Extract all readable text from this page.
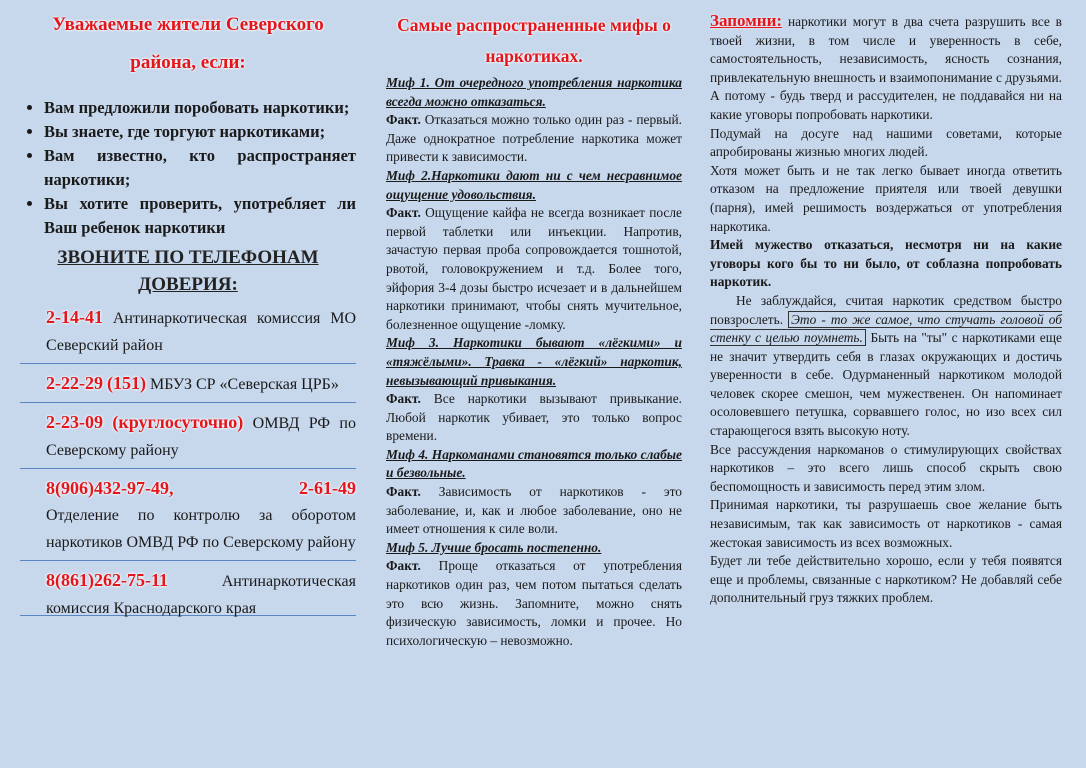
Уважаемые жители Северского района, если:
• Вам предложили поробовать наркотики;
• Вы знаете, где торгуют наркотиками;
• Вам известно, кто распространяет наркотики;
• Вы хотите проверить, употребляет ли Ваш ребенок наркотики
ЗВОНИТЕ ПО ТЕЛЕФОНАМ ДОВЕРИЯ:
2-14-41 Антинаркотическая комиссия МО Северский район
2-22-29 (151) МБУЗ СР «Северская ЦРБ»
2-23-09 (круглосуточно) ОМВД РФ по Северскому району
8(906)432-97-49,	2-61-49
Отделение по контролю за оборотом наркотиков ОМВД РФ по Северскому району
8(861)262-75-11	Антинаркотическая комиссия Краснодарского края
Самые распространенные мифы о наркотиках.
Миф 1. От очередного употребления наркотика всегда можно отказаться.
Факт. Отказаться можно только один раз - первый. Даже однократное потребление наркотика может привести к зависимости.
Миф 2.Наркотики дают ни с чем несравнимое ощущение удовольствия.
Факт. Ощущение кайфа не всегда возникает после первой таблетки или инъекции. Напротив, зачастую первая проба сопровождается тошнотой, рвотой, головокружением и т.д. Более того, эйфория 3-4 дозы быстро исчезает и в дальнейшем наркотики принимают, чтобы снять мучительное, болезненное ощущение -ломку.
Миф 3. Наркотики бывают «лёгкими» и «тяжёлыми». Травка - «лёгкий» наркотик, невызывающий привыкания.
Факт. Все наркотики вызывают привыкание. Любой наркотик убивает, это только вопрос времени.
Миф 4. Наркоманами становятся только слабые и безвольные.
Факт. Зависимость от наркотиков - это заболевание, и, как и любое заболевание, оно не имеет отношения к силе воли.
Миф 5. Лучше бросать постепенно.
Факт. Проще отказаться от употребления наркотиков один раз, чем потом пытаться сделать это всю жизнь. Запомните, можно снять физическую зависимость, ломки и прочее. Но психологическую – невозможно.

Запомни: наркотики могут в два счета разрушить все в твоей жизни, в том числе и уверенность в себе, самостоятельность, независимость, ясность сознания, привлекательную внешность и взаимопонимание с друзьями. А потому - будь тверд и рассудителен, не поддавайся ни на какие уговоры попробовать наркотики.

Подумай на досуге над нашими советами, которые апробированы жизнью многих людей.

Хотя может быть и не так легко бывает иногда ответить отказом на предложение приятеля или твоей девушки (парня), имей решимость воздержаться от употребления наркотика.

Имей мужество отказаться, несмотря ни на какие уговоры кого бы то ни было, от соблазна попробовать наркотик.

Не заблуждайся, считая наркотик средством быстро повзрослеть. Это - то же самое, что стучать головой об стенку с целью поумнеть. Быть на "ты" с наркотиками еще не значит утвердить себя в глазах окружающих и достичь уверенности в себе. Одурманенный наркотиком молодой человек скорее смешон, чем мужественен. Он напоминает осоловевшего петушка, сорвавшего голос, но изо всех сил старающегося взять высокую ноту.

Все рассуждения наркоманов о стимулирующих свойствах наркотиков – это всего лишь способ скрыть свою беспомощность и зависимость перед этим злом.

Принимая наркотики, ты разрушаешь свое желание быть независимым, так как зависимость от наркотиков - самая жестокая зависимость из всех возможных.

Будет ли тебе действительно хорошо, если у тебя появятся еще и проблемы, связанные с наркотиком? Не добавляй себе дополнительный груз тяжких проблем.
